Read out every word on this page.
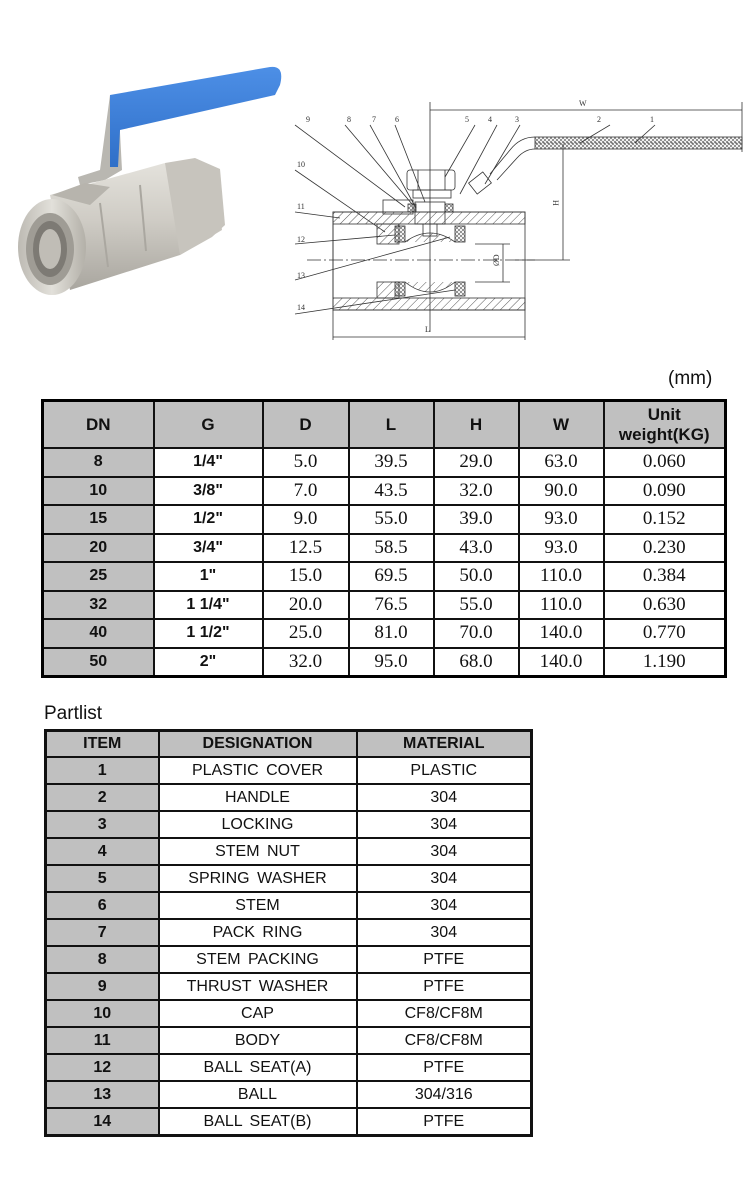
9	8	7 6	5 4	3	2	1
10
11
12
13
14
W
H
L
ØD
(mm)
DN	G	D	L	H	W	Unit
weight(KG)

8	1/4"	5.0	39.5	29.0	63.0	0.060
10	3/8"	7.0	43.5	32.0	90.0	0.090
15	1/2"	9.0	55.0	39.0	93.0	0.152
20	3/4"	12.5	58.5	43.0	93.0	0.230
25	1"	15.0	69.5	50.0	110.0	0.384
32	1 1/4"	20.0	76.5	55.0	110.0	0.630
40	1 1/2"	25.0	81.0	70.0	140.0	0.770
50	2"	32.0	95.0	68.0	140.0	1.190
Partlist
ITEM	DESIGNATION	MATERIAL
1	PLASTIC COVER	PLASTIC
2	HANDLE	304
3	LOCKING	304
4	STEM NUT	304
5	SPRING WASHER	304
6	STEM	304
7	PACK RING	304
8	STEM PACKING	PTFE
9	THRUST WASHER	PTFE
10	CAP	CF8/CF8M
11	BODY	CF8/CF8M
12	BALL SEAT(A)	PTFE
13	BALL	304/316
14	BALL SEAT(B)	PTFE
